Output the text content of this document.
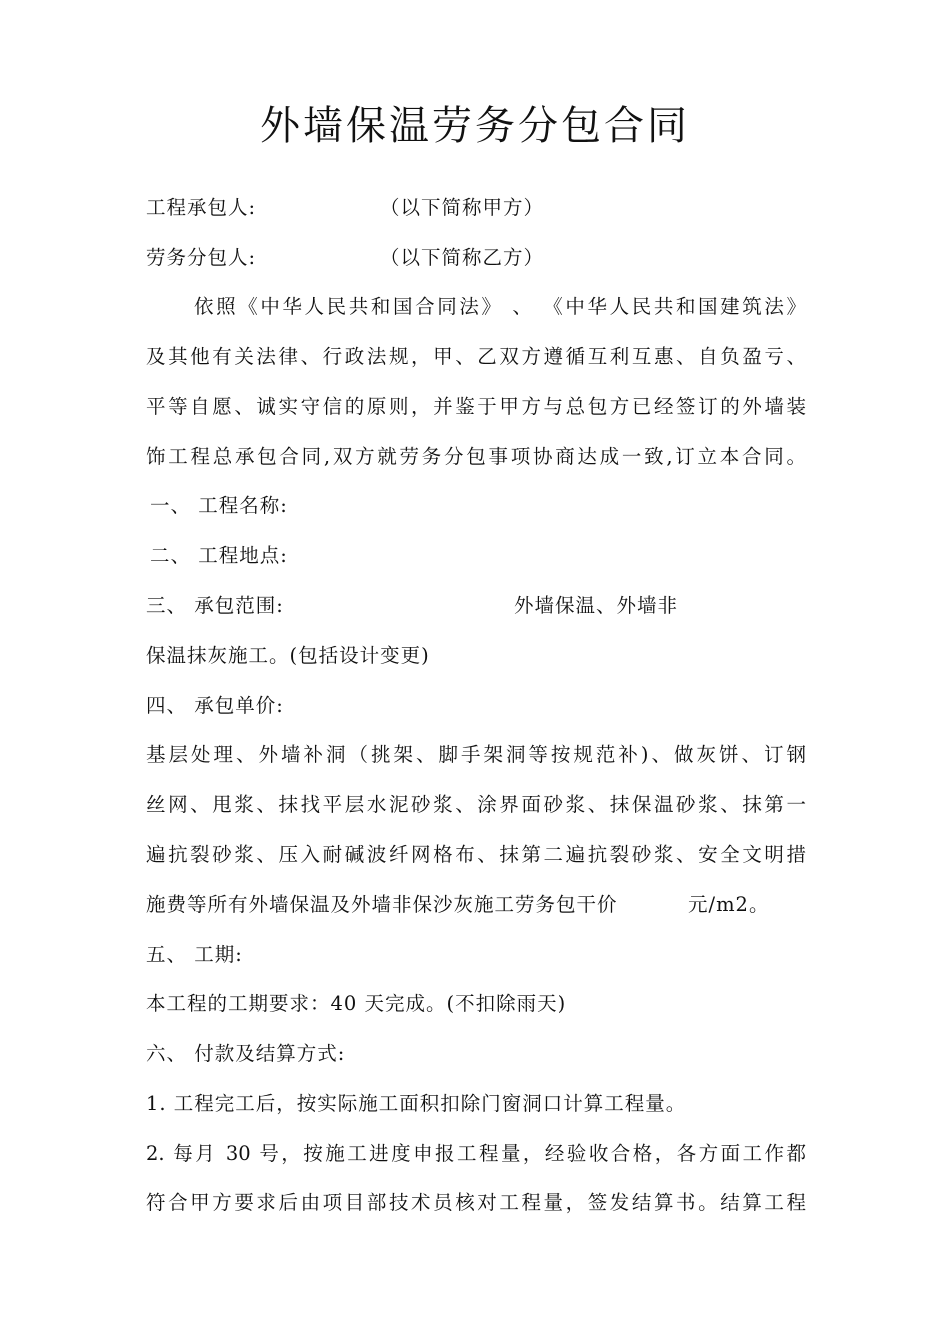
外墙保温劳务分包合同
工程承包人:	（以下简称甲方）
劳务分包人:	（以下简称乙方）
依照《中华人民共和国合同法》 、 《中华人民共和国建筑法》
及其他有关法律、行政法规，甲、乙双方遵循互利互惠、自负盈亏、
平等自愿、诚实守信的原则，并鉴于甲方与总包方已经签订的外墙装
饰工程总承包合同,双方就劳务分包事项协商达成一致,订立本合同。
一、 工程名称:
二、 工程地点:
三、 承包范围:	外墙保温、外墙非
保温抹灰施工。(包括设计变更)
四、 承包单价:
基层处理、外墙补洞（挑架、脚手架洞等按规范补)、做灰饼、订钢
丝网、甩浆、抹找平层水泥砂浆、涂界面砂浆、抹保温砂浆、抹第一
遍抗裂砂浆、压入耐碱波纤网格布、抹第二遍抗裂砂浆、安全文明措
施费等所有外墙保温及外墙非保沙灰施工劳务包干价	元/m2。
五、 工期:
本工程的工期要求：40 天完成。(不扣除雨天)
六、 付款及结算方式:
1. 工程完工后，按实际施工面积扣除门窗洞口计算工程量。
2. 每月 30 号，按施工进度申报工程量，经验收合格，各方面工作都
符合甲方要求后由项目部技术员核对工程量，签发结算书。结算工程
